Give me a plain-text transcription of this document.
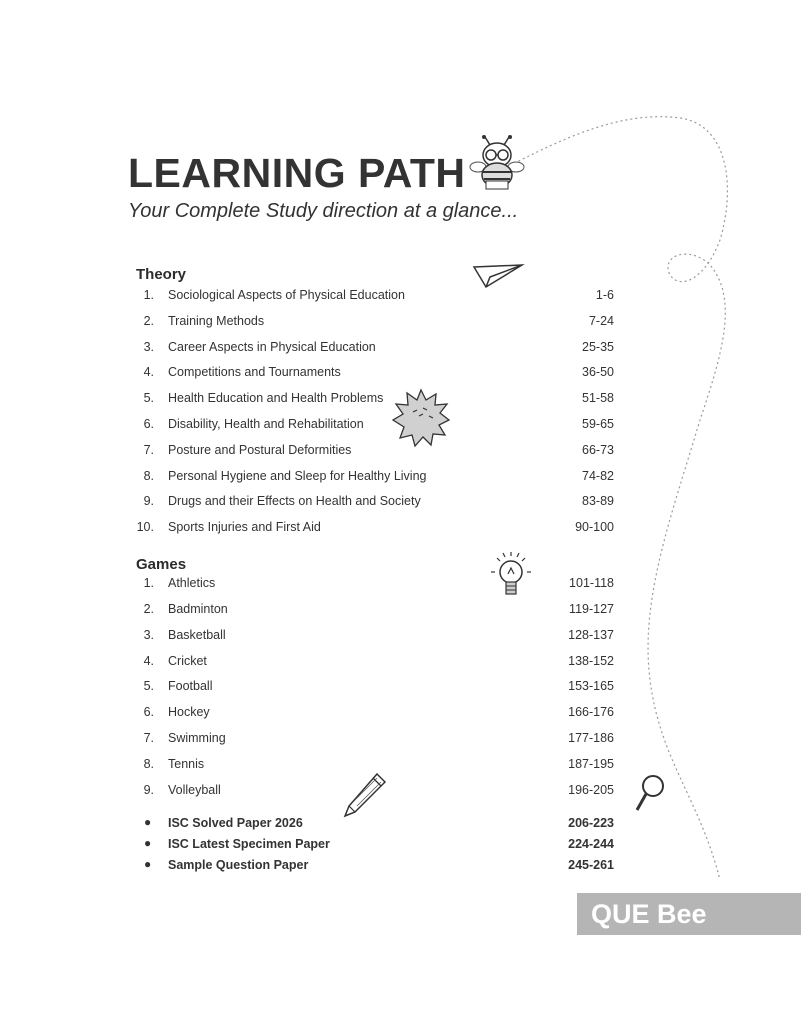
LEARNING PATH

Your Complete Study direction at a glance...

Theory
1. Sociological Aspects of Physical Education	1-6
2. Training Methods	7-24
3. Career Aspects in Physical Education	25-35
4. Competitions and Tournaments	36-50
5. Health Education and Health Problems	51-58
6. Disability, Health and Rehabilitation	59-65
7. Posture and Postural Deformities	66-73
8. Personal Hygiene and Sleep for Healthy Living	74-82
9. Drugs and their Effects on Health and Society	83-89
10. Sports Injuries and First Aid	90-100
Games
1. Athletics	101-118
2. Badminton	119-127
3. Basketball	128-137
4. Cricket	138-152
5. Football	153-165
6. Hockey	166-176
7. Swimming	177-186
8. Tennis	187-195
9. Volleyball	196-205
● ISC Solved Paper 2026	206-223
● ISC Latest Specimen Paper	224-244
● Sample Question Paper	245-261
QUE Bee
